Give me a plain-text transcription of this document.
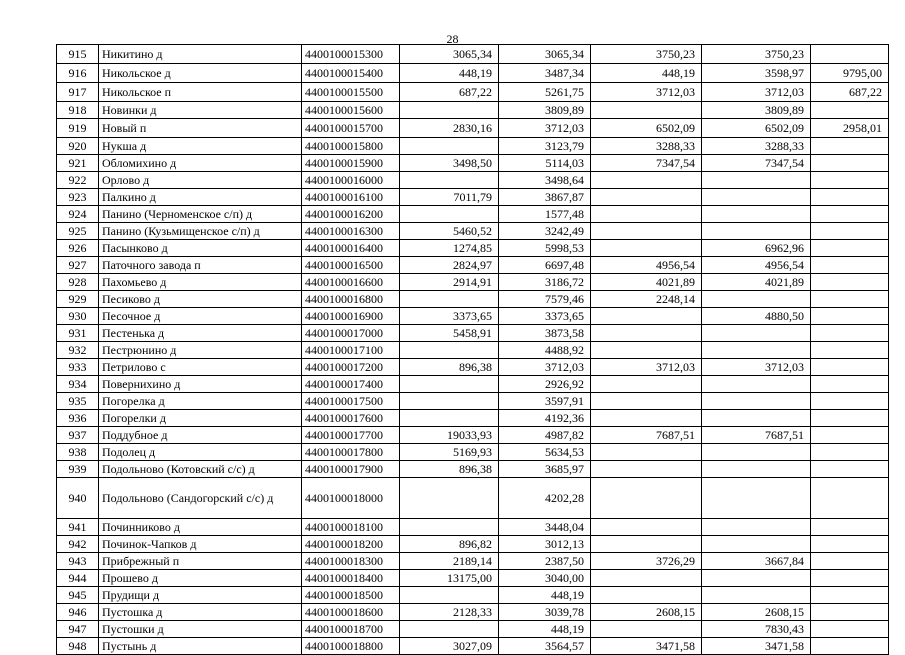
28
915	Никитино д	4400100015300	3065,34	3065,34	3750,23	3750,23	
916	Никольское д	4400100015400	448,19	3487,34	448,19	3598,97	9795,00
917	Никольское п	4400100015500	687,22	5261,75	3712,03	3712,03	687,22
918	Новинки д	4400100015600		3809,89		3809,89	
919	Новый п	4400100015700	2830,16	3712,03	6502,09	6502,09	2958,01
920	Нукша д	4400100015800		3123,79	3288,33	3288,33	
921	Обломихино д	4400100015900	3498,50	5114,03	7347,54	7347,54	
922	Орлово д	4400100016000		3498,64			
923	Палкино д	4400100016100	7011,79	3867,87			
924	Панино (Черноменское с/п) д	4400100016200		1577,48			
925	Панино (Кузьмищенское с/п) д	4400100016300	5460,52	3242,49			
926	Пасынково д	4400100016400	1274,85	5998,53		6962,96	
927	Паточного завода п	4400100016500	2824,97	6697,48	4956,54	4956,54	
928	Пахомьево д	4400100016600	2914,91	3186,72	4021,89	4021,89	
929	Песиково д	4400100016800		7579,46	2248,14		
930	Песочное д	4400100016900	3373,65	3373,65		4880,50	
931	Пестенька д	4400100017000	5458,91	3873,58			
932	Пестрюнино д	4400100017100		4488,92			
933	Петрилово с	4400100017200	896,38	3712,03	3712,03	3712,03	
934	Повернихино д	4400100017400		2926,92			
935	Погорелка д	4400100017500		3597,91			
936	Погорелки д	4400100017600		4192,36			
937	Поддубное д	4400100017700	19033,93	4987,82	7687,51	7687,51	
938	Подолец д	4400100017800	5169,93	5634,53			
939	Подольново (Котовский с/с) д	4400100017900	896,38	3685,97			
940	Подольново (Сандогорский с/с) д	4400100018000		4202,28			
941	Починниково д	4400100018100		3448,04			
942	Починок-Чапков д	4400100018200	896,82	3012,13			
943	Прибрежный п	4400100018300	2189,14	2387,50	3726,29	3667,84	
944	Прошево д	4400100018400	13175,00	3040,00			
945	Прудищи д	4400100018500		448,19			
946	Пустошка д	4400100018600	2128,33	3039,78	2608,15	2608,15	
947	Пустошки д	4400100018700		448,19		7830,43	
948	Пустынь д	4400100018800	3027,09	3564,57	3471,58	3471,58	
